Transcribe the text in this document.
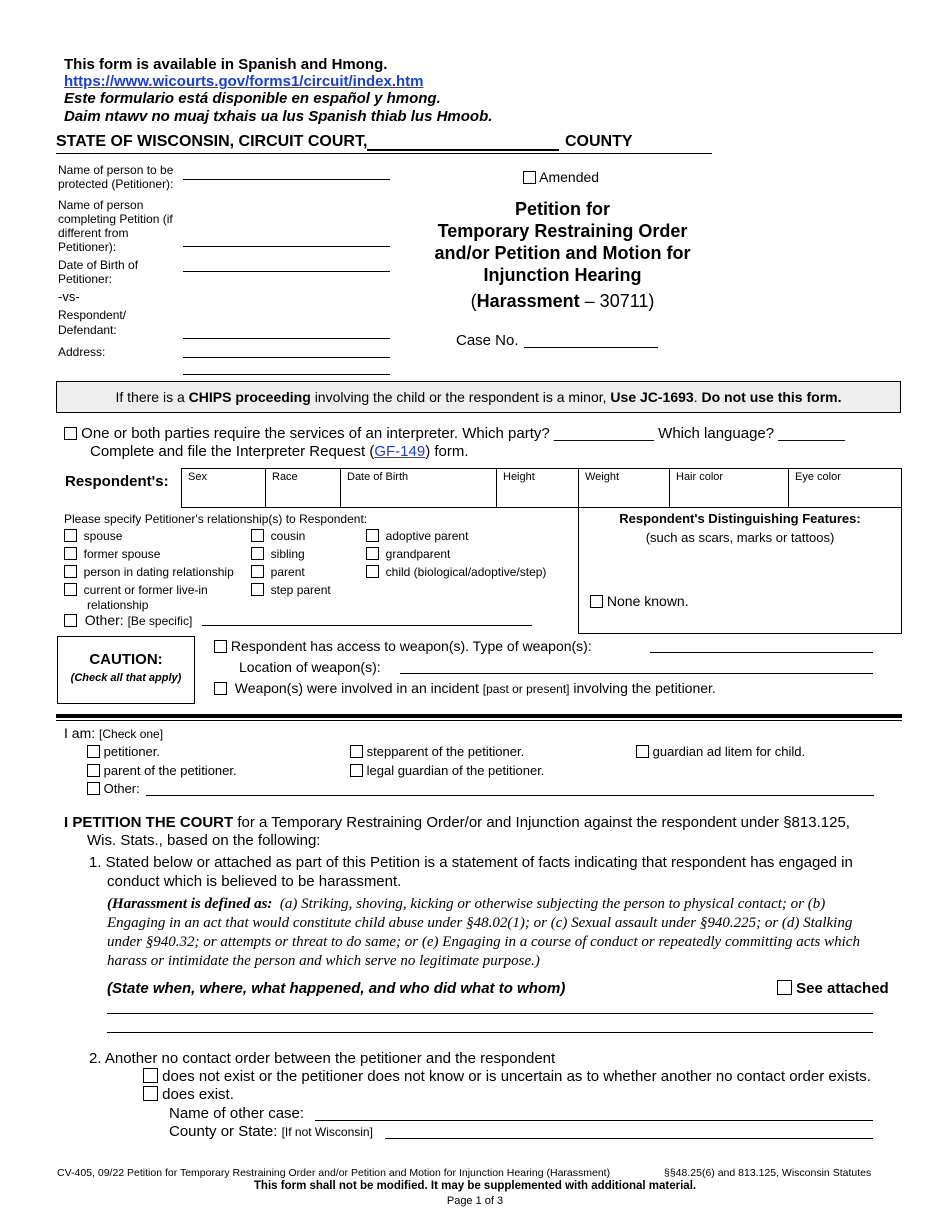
This form is available in Spanish and Hmong.
https://www.wicourts.gov/forms1/circuit/index.htm
Este formulario está disponible en español y hmong.
Daim ntawv no muaj txhais ua lus Spanish thiab lus Hmoob.
STATE OF WISCONSIN, CIRCUIT COURT,	COUNTY
Name of person to be protected (Petitioner):
Name of person completing Petition (if different from Petitioner):
Date of Birth of Petitioner:
-vs-
Respondent/ Defendant:
Address:
Amended
Petition for
Temporary Restraining Order
and/or Petition and Motion for
Injunction Hearing
(Harassment – 30711)
Case No.
If there is a CHIPS proceeding involving the child or the respondent is a minor, Use JC-1693. Do not use this form.
One or both parties require the services of an interpreter. Which party? ____________ Which language? ________
Complete and file the Interpreter Request (GF-149) form.
Respondent's:	Sex	Race	Date of Birth	Height	Weight	Hair color	Eye color
Please specify Petitioner's relationship(s) to Respondent:
spouse
former spouse
person in dating relationship
current or former live-in
relationship
cousin
sibling
parent
step parent
adoptive parent
grandparent
child (biological/adoptive/step)
Other: [Be specific]
Respondent's Distinguishing Features:
(such as scars, marks or tattoos)
None known.
CAUTION:
(Check all that apply)
Respondent has access to weapon(s). Type of weapon(s):
Location of weapon(s):
Weapon(s) were involved in an incident [past or present] involving the petitioner.
I am: [Check one]
petitioner.
parent of the petitioner.
Other:
stepparent of the petitioner.
legal guardian of the petitioner.
guardian ad litem for child.
I PETITION THE COURT for a Temporary Restraining Order/or and Injunction against the respondent under §813.125,
Wis. Stats., based on the following:
1. Stated below or attached as part of this Petition is a statement of facts indicating that respondent has engaged in
conduct which is believed to be harassment.
(Harassment is defined as: (a) Striking, shoving, kicking or otherwise subjecting the person to physical contact; or (b)
Engaging in an act that would constitute child abuse under §48.02(1); or (c) Sexual assault under §940.225; or (d) Stalking
under §940.32; or attempts or threat to do same; or (e) Engaging in a course of conduct or repeatedly committing acts which
harass or intimidate the person and which serve no legitimate purpose.)
(State when, where, what happened, and who did what to whom)	See attached
2. Another no contact order between the petitioner and the respondent
does not exist or the petitioner does not know or is uncertain as to whether another no contact order exists.
does exist.
Name of other case:
County or State: [If not Wisconsin]
CV-405, 09/22 Petition for Temporary Restraining Order and/or Petition and Motion for Injunction Hearing (Harassment)	§§48.25(6) and 813.125, Wisconsin Statutes
This form shall not be modified. It may be supplemented with additional material.
Page 1 of 3
